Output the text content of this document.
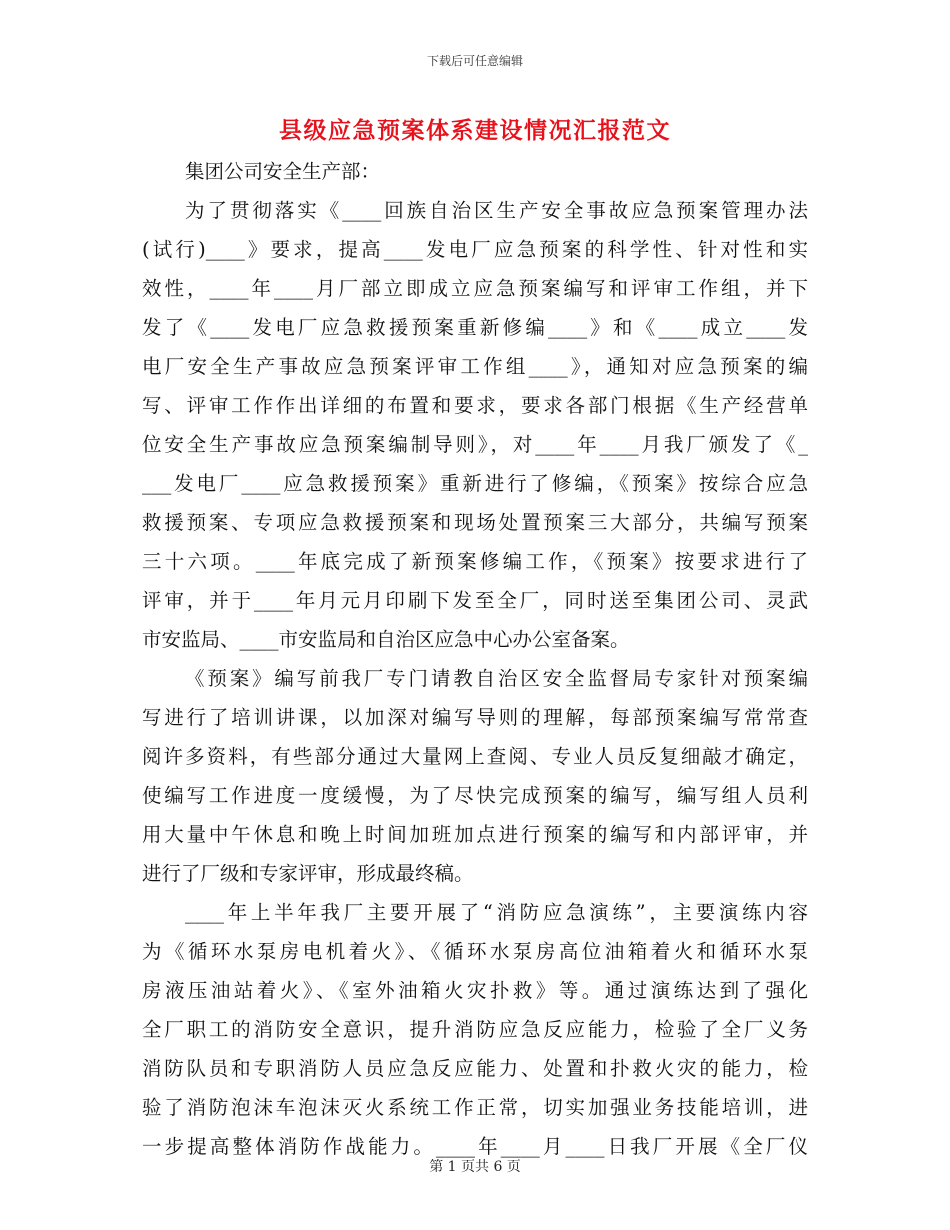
下载后可任意编辑
县级应急预案体系建设情况汇报范文
集团公司安全生产部：
为了贯彻落实《____回族自治区生产安全事故应急预案管理办法
(试行)____》要求，提高____发电厂应急预案的科学性、针对性和实
效性，____年____月厂部立即成立应急预案编写和评审工作组，并下
发了《____发电厂应急救援预案重新修编____》和《____成立____发
电厂安全生产事故应急预案评审工作组____》，通知对应急预案的编
写、评审工作作出详细的布置和要求，要求各部门根据《生产经营单
位安全生产事故应急预案编制导则》，对____年____月我厂颁发了《_
___发电厂____应急救援预案》重新进行了修编，《预案》按综合应急
救援预案、专项应急救援预案和现场处置预案三大部分，共编写预案
三十六项。____年底完成了新预案修编工作，《预案》按要求进行了
评审，并于____年月元月印刷下发至全厂，同时送至集团公司、灵武
市安监局、____市安监局和自治区应急中心办公室备案。
《预案》编写前我厂专门请教自治区安全监督局专家针对预案编
写进行了培训讲课，以加深对编写导则的理解，每部预案编写常常查
阅许多资料，有些部分通过大量网上查阅、专业人员反复细敲才确定，
使编写工作进度一度缓慢，为了尽快完成预案的编写，编写组人员利
用大量中午休息和晚上时间加班加点进行预案的编写和内部评审，并
进行了厂级和专家评审，形成最终稿。
____年上半年我厂主要开展了“消防应急演练”，主要演练内容
为《循环水泵房电机着火》、《循环水泵房高位油箱着火和循环水泵
房液压油站着火》、《室外油箱火灾扑救》等。通过演练达到了强化
全厂职工的消防安全意识，提升消防应急反应能力，检验了全厂义务
消防队员和专职消防人员应急反应能力、处置和扑救火灾的能力，检
验了消防泡沫车泡沫灭火系统工作正常，切实加强业务技能培训，进
一步提高整体消防作战能力。____年____月____日我厂开展《全厂仪
第 1 页共 6 页
